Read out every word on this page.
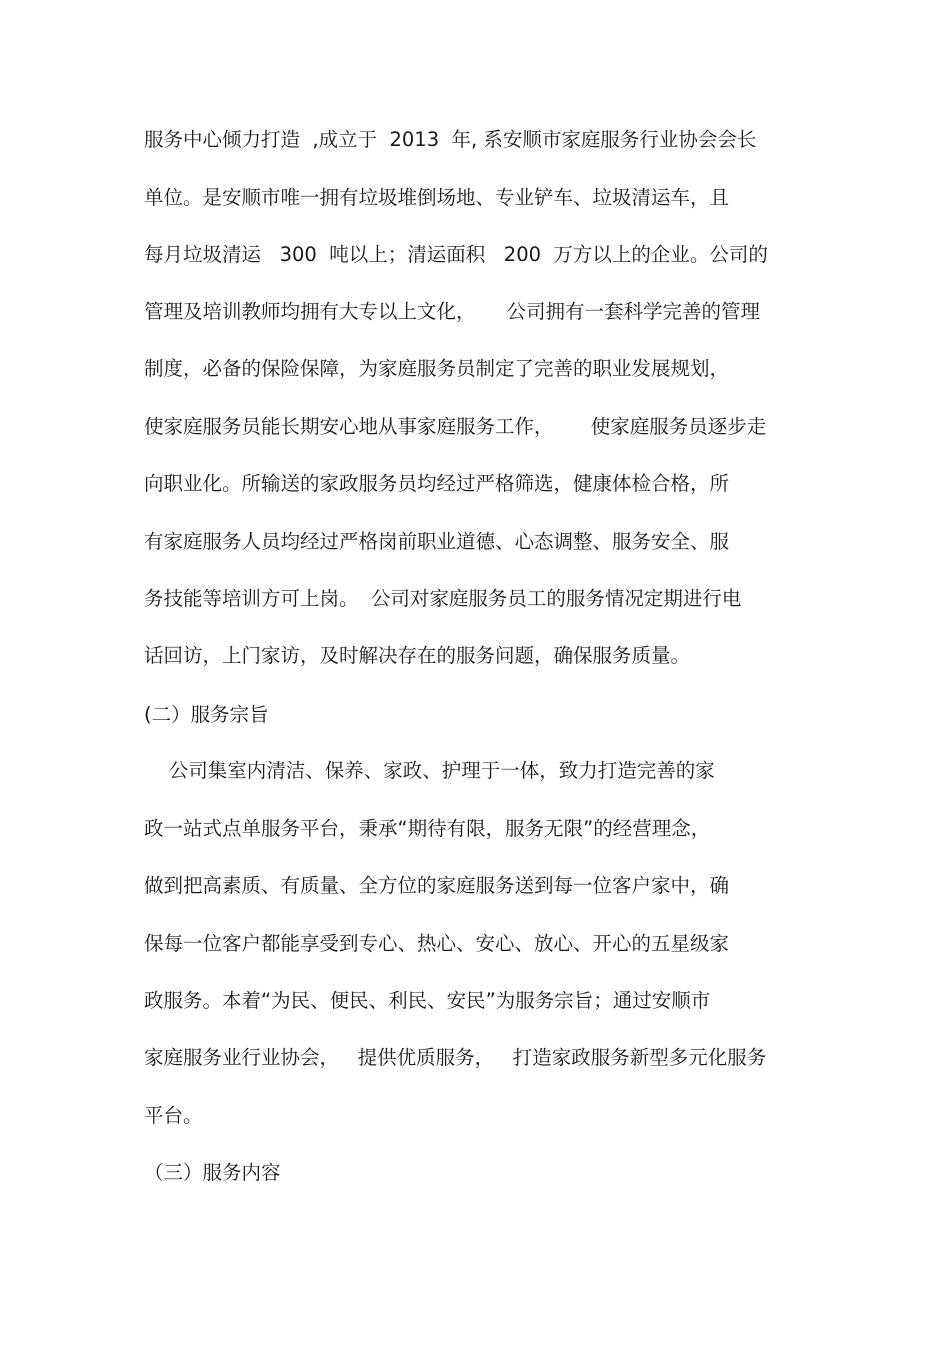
服务中心倾力打造  ,成立于  2013  年, 系安顺市家庭服务行业协会会长
单位。是安顺市唯一拥有垃圾堆倒场地、专业铲车、垃圾清运车，且
每月垃圾清运   300  吨以上；清运面积   200  万方以上的企业。公司的
管理及培训教师均拥有大专以上文化，     公司拥有一套科学完善的管理
制度，必备的保险保障，为家庭服务员制定了完善的职业发展规划，
使家庭服务员能长期安心地从事家庭服务工作，      使家庭服务员逐步走
向职业化。所输送的家政服务员均经过严格筛选，健康体检合格，所
有家庭服务人员均经过严格岗前职业道德、心态调整、服务安全、服
务技能等培训方可上岗。  公司对家庭服务员工的服务情况定期进行电
话回访，上门家访，及时解决存在的服务问题，确保服务质量。
(二）服务宗旨
公司集室内清洁、保养、家政、护理于一体，致力打造完善的家
政一站式点单服务平台，秉承“期待有限，服务无限”的经营理念，
做到把高素质、有质量、全方位的家庭服务送到每一位客户家中，确
保每一位客户都能享受到专心、热心、安心、放心、开心的五星级家
政服务。本着“为民、便民、利民、安民”为服务宗旨；通过安顺市
家庭服务业行业协会，   提供优质服务，   打造家政服务新型多元化服务
平台。
（三）服务内容
